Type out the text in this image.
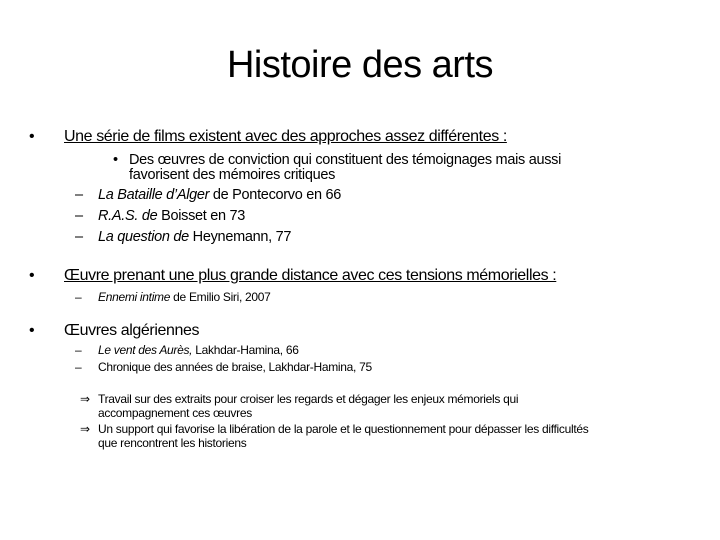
Histoire des arts
• Une série de films existent avec des approches assez différentes :
• Des œuvres de conviction qui constituent des témoignages mais aussi
favorisent des mémoires critiques
– La Bataille d’Alger de Pontecorvo en 66
– R.A.S. de Boisset en 73
– La question de Heynemann, 77
• Œuvre prenant une plus grande distance avec ces tensions mémorielles :
– Ennemi intime de Emilio Siri, 2007
• Œuvres algériennes
– Le vent des Aurès, Lakhdar-Hamina, 66
– Chronique des années de braise, Lakhdar-Hamina, 75
⇒ Travail sur des extraits pour croiser les regards et dégager les enjeux mémoriels qui
accompagnement ces œuvres
⇒ Un support qui favorise la libération de la parole et le questionnement pour dépasser les difficultés
que rencontrent les historiens
